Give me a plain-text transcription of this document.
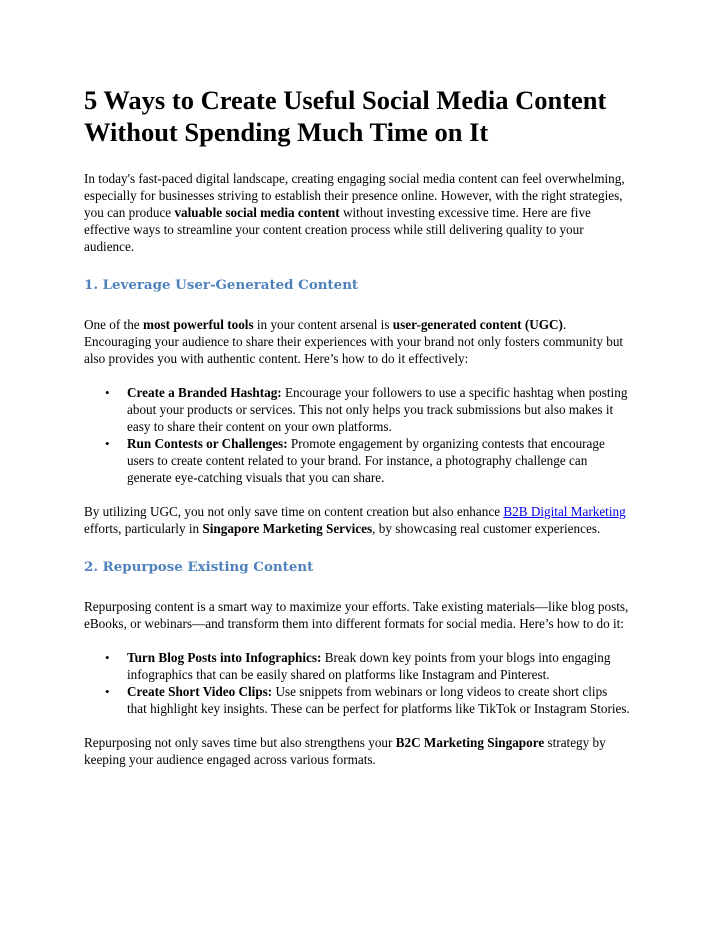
5 Ways to Create Useful Social Media Content Without Spending Much Time on It

In today's fast-paced digital landscape, creating engaging social media content can feel overwhelming, especially for businesses striving to establish their presence online. However, with the right strategies, you can produce valuable social media content without investing excessive time. Here are five effective ways to streamline your content creation process while still delivering quality to your audience.

1. Leverage User-Generated Content

One of the most powerful tools in your content arsenal is user-generated content (UGC). Encouraging your audience to share their experiences with your brand not only fosters community but also provides you with authentic content. Here’s how to do it effectively:

• Create a Branded Hashtag: Encourage your followers to use a specific hashtag when posting about your products or services. This not only helps you track submissions but also makes it easy to share their content on your own platforms.
• Run Contests or Challenges: Promote engagement by organizing contests that encourage users to create content related to your brand. For instance, a photography challenge can generate eye-catching visuals that you can share.

By utilizing UGC, you not only save time on content creation but also enhance B2B Digital Marketing efforts, particularly in Singapore Marketing Services, by showcasing real customer experiences.

2. Repurpose Existing Content

Repurposing content is a smart way to maximize your efforts. Take existing materials—like blog posts, eBooks, or webinars—and transform them into different formats for social media. Here’s how to do it:

• Turn Blog Posts into Infographics: Break down key points from your blogs into engaging infographics that can be easily shared on platforms like Instagram and Pinterest.
• Create Short Video Clips: Use snippets from webinars or long videos to create short clips that highlight key insights. These can be perfect for platforms like TikTok or Instagram Stories.

Repurposing not only saves time but also strengthens your B2C Marketing Singapore strategy by keeping your audience engaged across various formats.
